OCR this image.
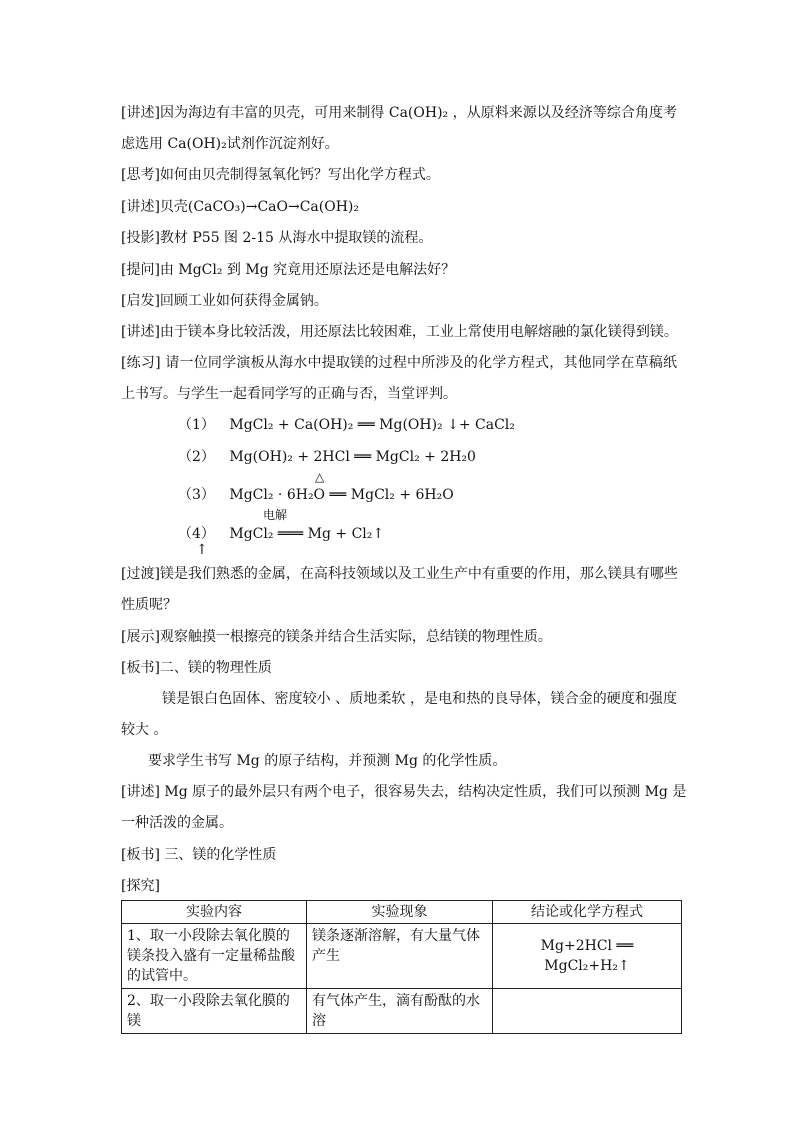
[讲述]因为海边有丰富的贝壳，可用来制得 Ca(OH)₂ ，从原料来源以及经济等综合角度考
虑选用 Ca(OH)₂试剂作沉淀剂好。
[思考]如何由贝壳制得氢氧化钙？写出化学方程式。
[讲述]贝壳(CaCO₃)→CaO→Ca(OH)₂
[投影]教材 P55 图 2-15 从海水中提取镁的流程。
[提问]由 MgCl₂ 到 Mg 究竟用还原法还是电解法好？
[启发]回顾工业如何获得金属钠。
[讲述]由于镁本身比较活泼，用还原法比较困难，工业上常使用电解熔融的氯化镁得到镁。
[练习] 请一位同学演板从海水中提取镁的过程中所涉及的化学方程式，其他同学在草稿纸
上书写。与学生一起看同学写的正确与否，当堂评判。
（1） MgCl₂ + Ca(OH)₂ ══ Mg(OH)₂ ↓+ CaCl₂
△
（2） Mg(OH)₂ + 2HCl ══ MgCl₂ + 2H₂0
（3） MgCl₂ · 6H₂O ══ MgCl₂ + 6H₂O
电解
（4） MgCl₂ ═══ Mg + Cl₂↑
↑
[过渡]镁是我们熟悉的金属，在高科技领域以及工业生产中有重要的作用，那么镁具有哪些
性质呢？
[展示]观察触摸一根擦亮的镁条并结合生活实际，总结镁的物理性质。
[板书]二、镁的物理性质
镁是银白色固体、密度较小 、质地柔软 ，是电和热的良导体，镁合金的硬度和强度
较大 。
要求学生书写 Mg 的原子结构，并预测 Mg 的化学性质。
[讲述] Mg 原子的最外层只有两个电子，很容易失去，结构决定性质，我们可以预测 Mg 是
一种活泼的金属。
[板书] 三、镁的化学性质
[探究]
实验内容	实验现象	结论或化学方程式
1、取一小段除去氧化膜的镁条投入盛有一定量稀盐酸的试管中。	镁条逐渐溶解，有大量气体产生	Mg+2HCl ══ MgCl₂+H₂↑
2、取一小段除去氧化膜的镁	有气体产生，滴有酚酞的水溶	
